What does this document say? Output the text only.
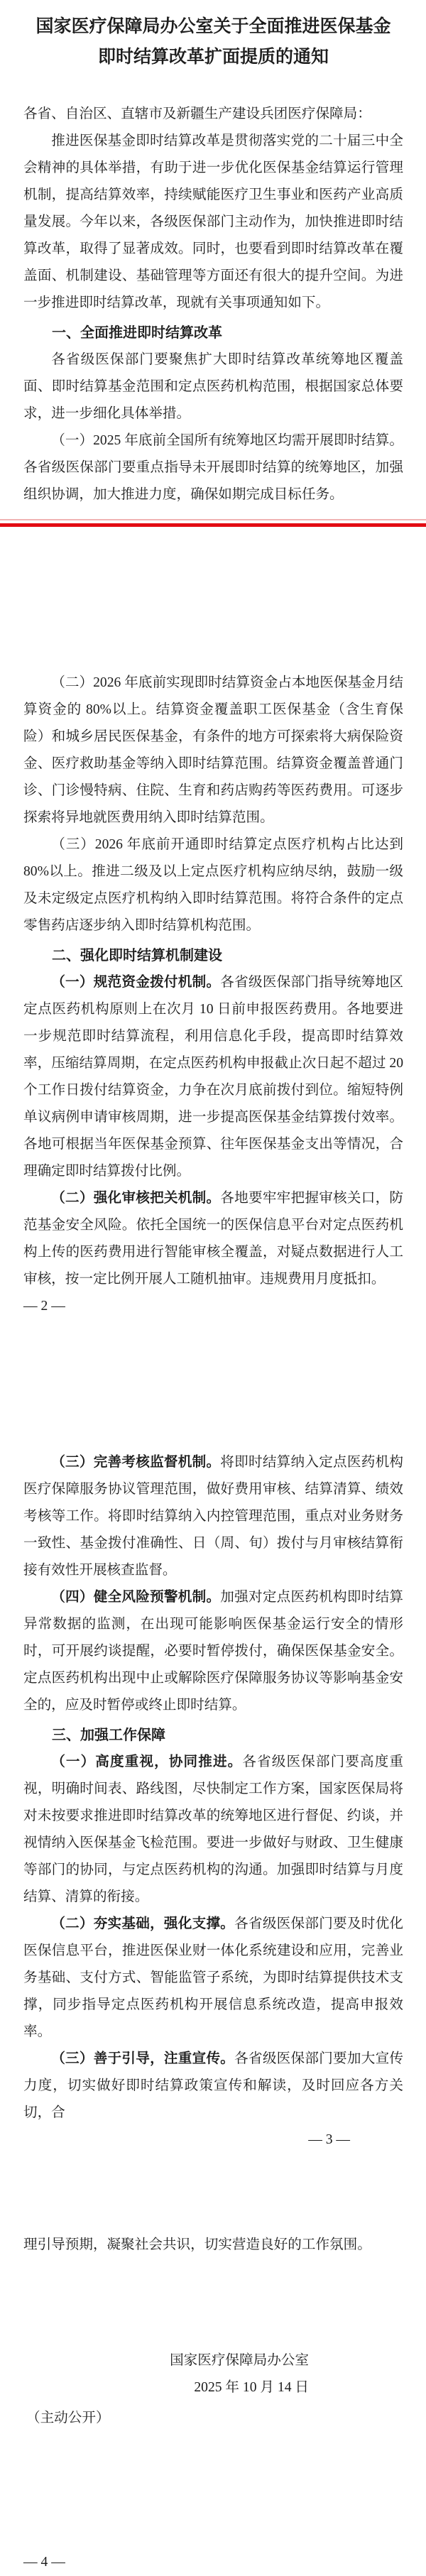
国家医疗保障局办公室关于全面推进医保基金
即时结算改革扩面提质的通知

各省、自治区、直辖市及新疆生产建设兵团医疗保障局：

推进医保基金即时结算改革是贯彻落实党的二十届三中全会精神的具体举措，有助于进一步优化医保基金结算运行管理机制，提高结算效率，持续赋能医疗卫生事业和医药产业高质量发展。今年以来，各级医保部门主动作为，加快推进即时结算改革，取得了显著成效。同时，也要看到即时结算改革在覆盖面、机制建设、基础管理等方面还有很大的提升空间。为进一步推进即时结算改革，现就有关事项通知如下。

一、全面推进即时结算改革

各省级医保部门要聚焦扩大即时结算改革统筹地区覆盖面、即时结算基金范围和定点医药机构范围，根据国家总体要求，进一步细化具体举措。

（一）2025 年底前全国所有统筹地区均需开展即时结算。各省级医保部门要重点指导未开展即时结算的统筹地区，加强组织协调，加大推进力度，确保如期完成目标任务。

（二）2026 年底前实现即时结算资金占本地医保基金月结算资金的 80%以上。结算资金覆盖职工医保基金（含生育保险）和城乡居民医保基金，有条件的地方可探索将大病保险资金、医疗救助基金等纳入即时结算范围。结算资金覆盖普通门诊、门诊慢特病、住院、生育和药店购药等医药费用。可逐步探索将异地就医费用纳入即时结算范围。

（三）2026 年底前开通即时结算定点医疗机构占比达到 80%以上。推进二级及以上定点医疗机构应纳尽纳，鼓励一级及未定级定点医疗机构纳入即时结算范围。将符合条件的定点零售药店逐步纳入即时结算机构范围。

二、强化即时结算机制建设

（一）规范资金拨付机制。各省级医保部门指导统筹地区定点医药机构原则上在次月 10 日前申报医药费用。各地要进一步规范即时结算流程，利用信息化手段，提高即时结算效率，压缩结算周期，在定点医药机构申报截止次日起不超过 20 个工作日拨付结算资金，力争在次月底前拨付到位。缩短特例单议病例申请审核周期，进一步提高医保基金结算拨付效率。各地可根据当年医保基金预算、往年医保基金支出等情况，合理确定即时结算拨付比例。

（二）强化审核把关机制。各地要牢牢把握审核关口，防范基金安全风险。依托全国统一的医保信息平台对定点医药机构上传的医药费用进行智能审核全覆盖，对疑点数据进行人工审核，按一定比例开展人工随机抽审。违规费用月度抵扣。

— 2 —

（三）完善考核监督机制。将即时结算纳入定点医药机构医疗保障服务协议管理范围，做好费用审核、结算清算、绩效考核等工作。将即时结算纳入内控管理范围，重点对业务财务一致性、基金拨付准确性、日（周、旬）拨付与月审核结算衔接有效性开展核查监督。

（四）健全风险预警机制。加强对定点医药机构即时结算异常数据的监测，在出现可能影响医保基金运行安全的情形时，可开展约谈提醒，必要时暂停拨付，确保医保基金安全。定点医药机构出现中止或解除医疗保障服务协议等影响基金安全的，应及时暂停或终止即时结算。

三、加强工作保障

（一）高度重视，协同推进。各省级医保部门要高度重视，明确时间表、路线图，尽快制定工作方案，国家医保局将对未按要求推进即时结算改革的统筹地区进行督促、约谈，并视情纳入医保基金飞检范围。要进一步做好与财政、卫生健康等部门的协同，与定点医药机构的沟通。加强即时结算与月度结算、清算的衔接。

（二）夯实基础，强化支撑。各省级医保部门要及时优化医保信息平台，推进医保业财一体化系统建设和应用，完善业务基础、支付方式、智能监管子系统，为即时结算提供技术支撑，同步指导定点医药机构开展信息系统改造，提高申报效率。

（三）善于引导，注重宣传。各省级医保部门要加大宣传力度，切实做好即时结算政策宣传和解读，及时回应各方关切，合

— 3 —

理引导预期，凝聚社会共识，切实营造良好的工作氛围。

国家医疗保障局办公室

2025 年 10 月 14 日

（主动公开）

— 4 —
